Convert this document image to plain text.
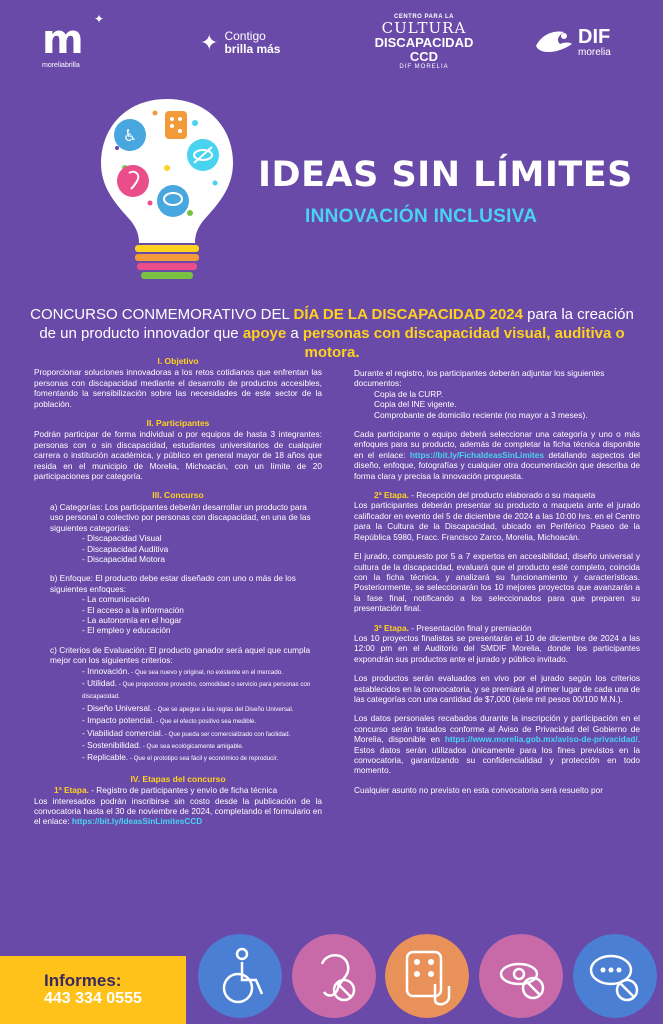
m
moreliabrilla
✦
✦ Contigo
brilla más
CENTRO PARA LA
CULTURA
DISCAPACIDAD
CCD
DIF MORELIA
DIF
morelia
♿
IDEAS SIN LÍMITES
INNOVACIÓN INCLUSIVA
CONCURSO CONMEMORATIVO DEL DÍA DE LA DISCAPACIDAD 2024 para la creación de un producto innovador que apoye a personas con discapacidad visual, auditiva o motora.
I. Objetivo
Proporcionar soluciones innovadoras a los retos cotidianos que enfrentan las personas con discapacidad mediante el desarrollo de productos accesibles, fomentando la sensibilización sobre las necesidades de este sector de la población.
II. Participantes
Podrán participar de forma individual o por equipos de hasta 3 integrantes: personas con o sin discapacidad, estudiantes universitarios de cualquier carrera o institución académica, y público en general mayor de 18 años que resida en el municipio de Morelia, Michoacán, con un límite de 20 participaciones por categoría.
III. Concurso
a) Categorías: Los participantes deberán desarrollar un producto para uso personal o colectivo por personas con discapacidad, en una de las siguientes categorías:
- Discapacidad Visual
- Discapacidad Auditiva
- Discapacidad Motora
b) Enfoque: El producto debe estar diseñado con uno o más de los siguientes enfoques:
- La comunicación
- El acceso a la información
- La autonomía en el hogar
- El empleo y educación
c) Criterios de Evaluación: El producto ganador será aquel que cumpla mejor con los siguientes criterios:
- Innovación. - Que sea nuevo y original, no existente en el mercado.
- Utilidad. - Que proporcione provecho, comodidad o servicio para personas con discapacidad.
- Diseño Universal. - Que se apegue a las reglas del Diseño Universal.
- Impacto potencial. - Que el efecto positivo sea medible.
- Viabilidad comercial. - Que pueda ser comercializado con facilidad.
- Sostenibilidad. - Que sea ecológicamente amigable.
- Replicable. - Que el prototipo sea fácil y económico de reproducir.
IV. Etapas del concurso
1ª Etapa. - Registro de participantes y envío de ficha técnica
Los interesados podrán inscribirse sin costo desde la publicación de la convocatoria hasta el 30 de noviembre de 2024, completando el formulario en el enlace: https://bit.ly/IdeasSinLimitesCCD
Durante el registro, los participantes deberán adjuntar los siguientes documentos:
Copia de la CURP.
Copia del INE vigente.
Comprobante de domicilio reciente (no mayor a 3 meses).
Cada participante o equipo deberá seleccionar una categoría y uno o más enfoques para su producto, además de completar la ficha técnica disponible en el enlace: https://bit.ly/FichaIdeasSinLimites detallando aspectos del diseño, enfoque, fotografías y cualquier otra documentación que describa de forma clara y precisa la innovación propuesta.
2ª Etapa. - Recepción del producto elaborado o su maqueta
Los participantes deberán presentar su producto o maqueta ante el jurado calificador en evento del 5 de diciembre de 2024 a las 10:00 hrs. en el Centro para la Cultura de la Discapacidad, ubicado en Periférico Paseo de la República 5980, Fracc. Francisco Zarco, Morelia, Michoacán.
El jurado, compuesto por 5 a 7 expertos en accesibilidad, diseño universal y cultura de la discapacidad, evaluará que el producto esté completo, coincida con la ficha técnica, y analizará su funcionamiento y características. Posteriormente, se seleccionarán los 10 mejores proyectos que avanzarán a la fase final, notificando a los seleccionados para que preparen su presentación final.
3ª Etapa. - Presentación final y premiación
Los 10 proyectos finalistas se presentarán el 10 de diciembre de 2024 a las 12:00 pm en el Auditorio del SMDIF Morelia, donde los participantes expondrán sus productos ante el jurado y público invitado.
Los productos serán evaluados en vivo por el jurado según los criterios establecidos en la convocatoria, y se premiará al primer lugar de cada una de las categorías con una cantidad de $7,000 (siete mil pesos 00/100 M.N.).
Los datos personales recabados durante la inscripción y participación en el concurso serán tratados conforme al Aviso de Privacidad del Gobierno de Morelia, disponible en https://www.morelia.gob.mx/aviso-de-privacidad/. Estos datos serán utilizados únicamente para los fines previstos en la convocatoria, garantizando su confidencialidad y protección en todo momento.
Cualquier asunto no previsto en esta convocatoria será resuelto por
Informes:
443 334 0555
